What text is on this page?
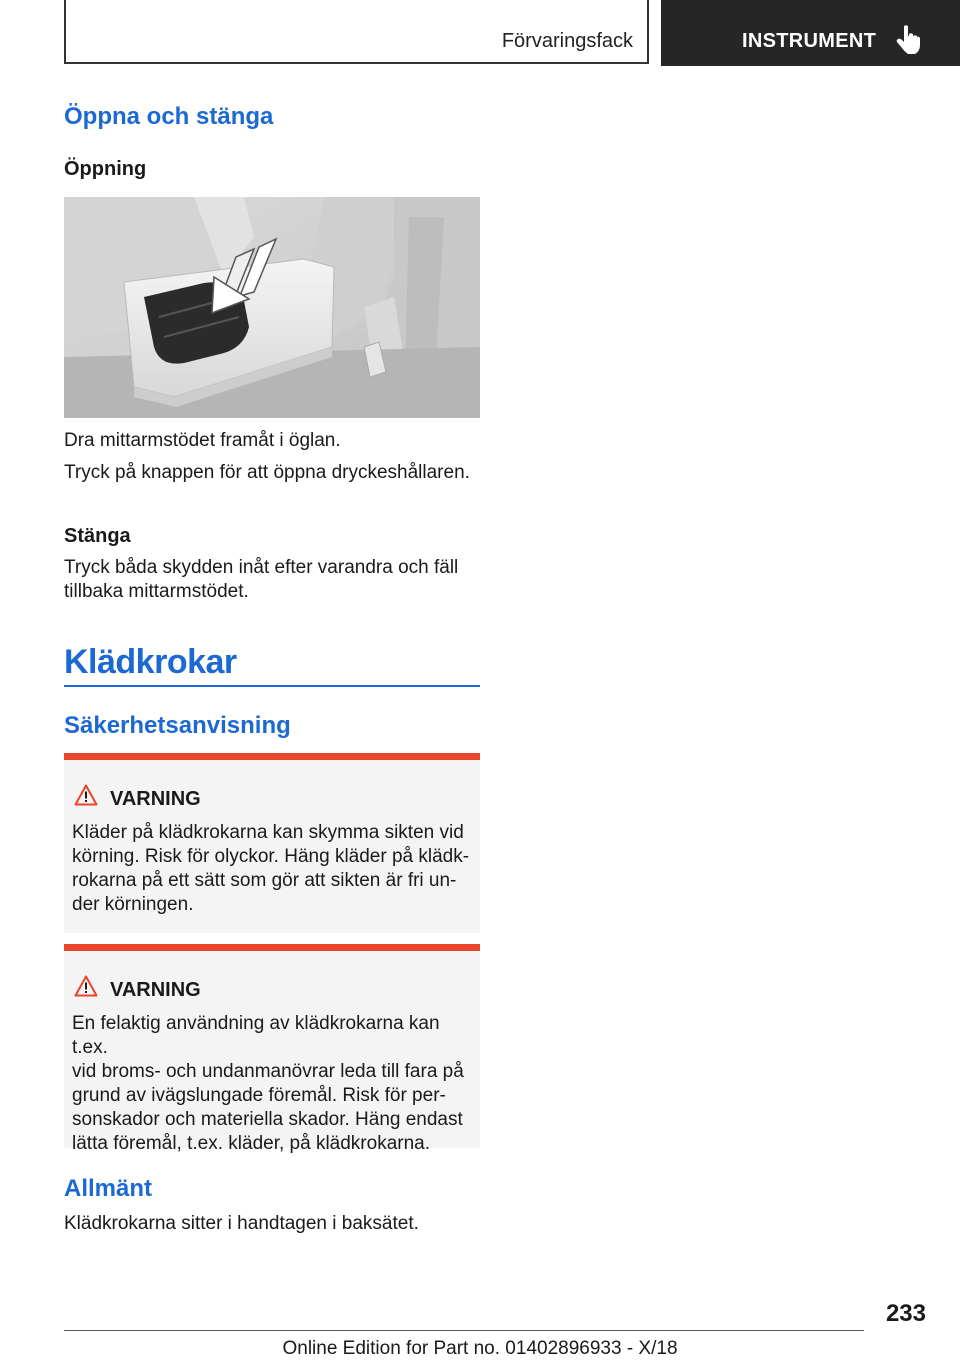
Förvaringsfack	INSTRUMENT
Öppna och stänga
Öppning
Dra mittarmstödet framåt i öglan.
Tryck på knappen för att öppna dryckeshållaren.
Stänga
Tryck båda skydden inåt efter varandra och fäll
tillbaka mittarmstödet.
Klädkrokar
Säkerhetsanvisning
VARNING
Kläder på klädkrokarna kan skymma sikten vid
körning. Risk för olyckor. Häng kläder på klädk-
rokarna på ett sätt som gör att sikten är fri un-
der körningen.
VARNING
En felaktig användning av klädkrokarna kan t.ex.
vid broms- och undanmanövrar leda till fara på
grund av ivägslungade föremål. Risk för per-
sonskador och materiella skador. Häng endast
lätta föremål, t.ex. kläder, på klädkrokarna.
Allmänt
Klädkrokarna sitter i handtagen i baksätet.
233
Online Edition for Part no. 01402896933 - X/18
